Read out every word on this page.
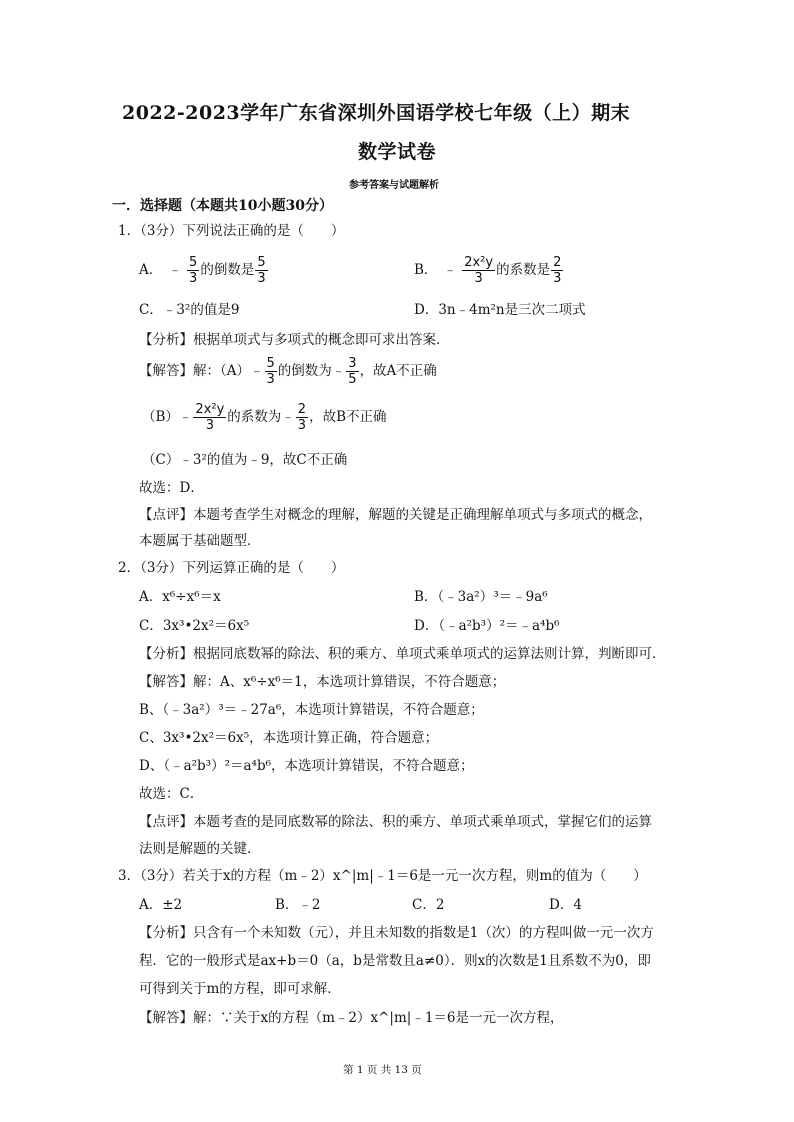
2022-2023学年广东省深圳外国语学校七年级（上）期末
数学试卷
参考答案与试题解析
一．选择题（本题共10小题30分）
1．（3分）下列说法正确的是（　　）
A． ﹣ $\frac{5}{3}$ 的倒数是 $\frac{5}{3}$	B． ﹣ $\frac{\text{2x²y}}{3}$ 的系数是 $\frac{2}{3}$
C．﹣3²的值是9	D．3n﹣4m²n是三次二项式
【分析】根据单项式与多项式的概念即可求出答案．
【解答】解：（A）﹣ $\frac{5}{3}$ 的倒数为﹣ $\frac{3}{5}$ ，故A不正确
（B）﹣ $\frac{\text{2x²y}}{3}$ 的系数为﹣ $\frac{2}{3}$ ，故B不正确
（C）﹣3²的值为﹣9，故C不正确
故选：D．
【点评】本题考查学生对概念的理解，解题的关键是正确理解单项式与多项式的概念，
本题属于基础题型．
2．（3分）下列运算正确的是（　　）
A．x⁶÷x⁶＝x	B．（﹣3a²）³＝﹣9a⁶
C．3x³•2x²＝6x⁵	D．（﹣a²b³）²＝﹣a⁴b⁶
【分析】根据同底数幂的除法、积的乘方、单项式乘单项式的运算法则计算，判断即可．
【解答】解：A、x⁶÷x⁶＝1，本选项计算错误，不符合题意；
B、（﹣3a²）³＝﹣27a⁶，本选项计算错误，不符合题意；
C、3x³•2x²＝6x⁵，本选项计算正确，符合题意；
D、（﹣a²b³）²＝a⁴b⁶，本选项计算错误，不符合题意；
故选：C．
【点评】本题考查的是同底数幂的除法、积的乘方、单项式乘单项式，掌握它们的运算
法则是解题的关键．
3．（3分）若关于x的方程（m﹣2）x^|m|﹣1＝6是一元一次方程，则m的值为（　　）
A．±2	B．﹣2	C．2	D．4
【分析】只含有一个未知数（元），并且未知数的指数是1（次）的方程叫做一元一次方
程．它的一般形式是ax+b＝0（a，b是常数且a≠0）．则x的次数是1且系数不为0，即
可得到关于m的方程，即可求解．
【解答】解：∵关于x的方程（m﹣2）x^|m|﹣1＝6是一元一次方程，
第 1 页 共 13 页
